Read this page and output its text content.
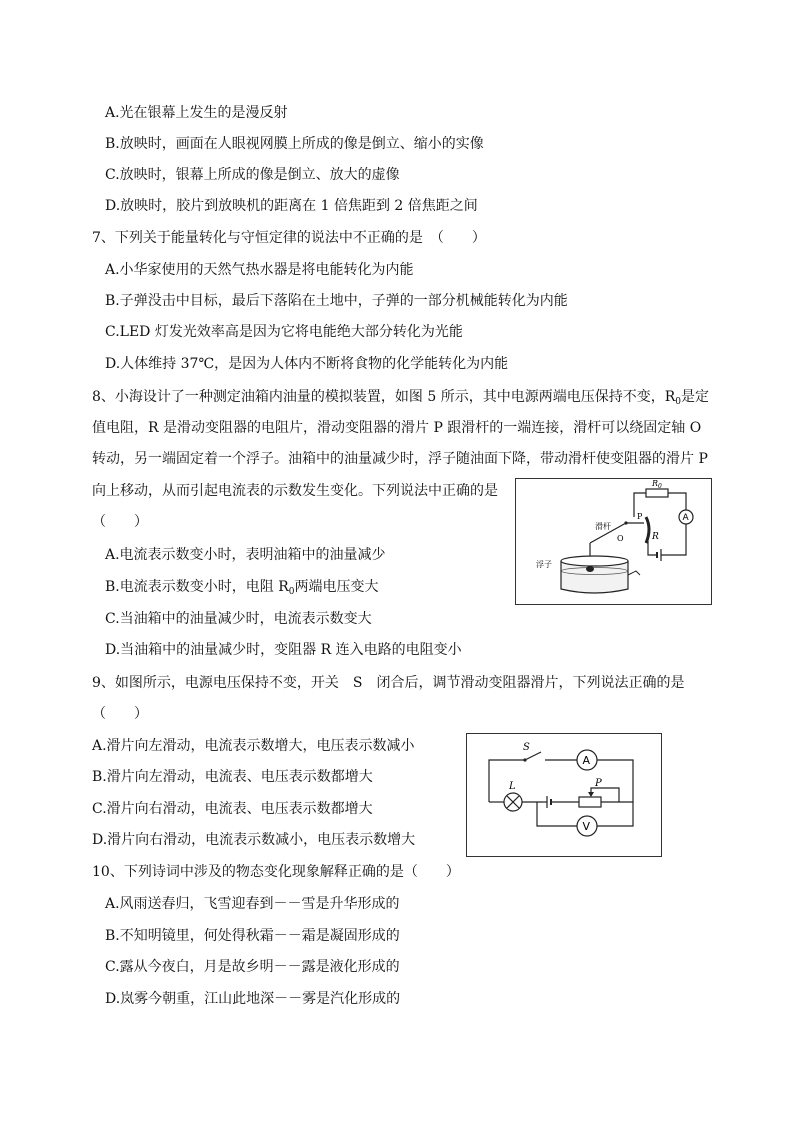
A.光在银幕上发生的是漫反射
B.放映时，画面在人眼视网膜上所成的像是倒立、缩小的实像
C.放映时，银幕上所成的像是倒立、放大的虚像
D.放映时，胶片到放映机的距离在 1 倍焦距到 2 倍焦距之间
7、下列关于能量转化与守恒定律的说法中不正确的是　（　　）
A.小华家使用的天然气热水器是将电能转化为内能
B.子弹没击中目标，最后下落陷在土地中，子弹的一部分机械能转化为内能
C.LED 灯发光效率高是因为它将电能绝大部分转化为光能
D.人体维持 37℃，是因为人体内不断将食物的化学能转化为内能
8、小海设计了一种测定油箱内油量的模拟装置，如图 5 所示，其中电源两端电压保持不变，$R_0$是定
值电阻，R 是滑动变阻器的电阻片，滑动变阻器的滑片 P 跟滑杆的一端连接，滑杆可以绕固定轴 O
转动，另一端固定着一个浮子。油箱中的油量减少时，浮子随油面下降，带动滑杆使变阻器的滑片 P
向上移动，从而引起电流表的示数发生变化。下列说法中正确的是
（　　）
A.电流表示数变小时，表明油箱中的油量减少
B.电流表示数变小时，电阻 $R_0$两端电压变大
C.当油箱中的油量减少时，电流表示数变大
D.当油箱中的油量减少时，变阻器 R 连入电路的电阻变小
$R_0$
A
R
P
O
滑杆
浮子
9、如图所示，电源电压保持不变，开关　S　闭合后，调节滑动变阻器滑片，下列说法正确的是
（　　）
A.滑片向左滑动，电流表示数增大，电压表示数减小
B.滑片向左滑动，电流表、电压表示数都增大
C.滑片向右滑动，电流表、电压表示数都增大
D.滑片向右滑动，电流表示数减小，电压表示数增大
S
A
L	P
V
10、下列诗词中涉及的物态变化现象解释正确的是（　　）
A.风雨送春归，飞雪迎春到－－雪是升华形成的
B.不知明镜里，何处得秋霜－－霜是凝固形成的
C.露从今夜白，月是故乡明－－露是液化形成的
D.岚雾今朝重，江山此地深－－雾是汽化形成的
